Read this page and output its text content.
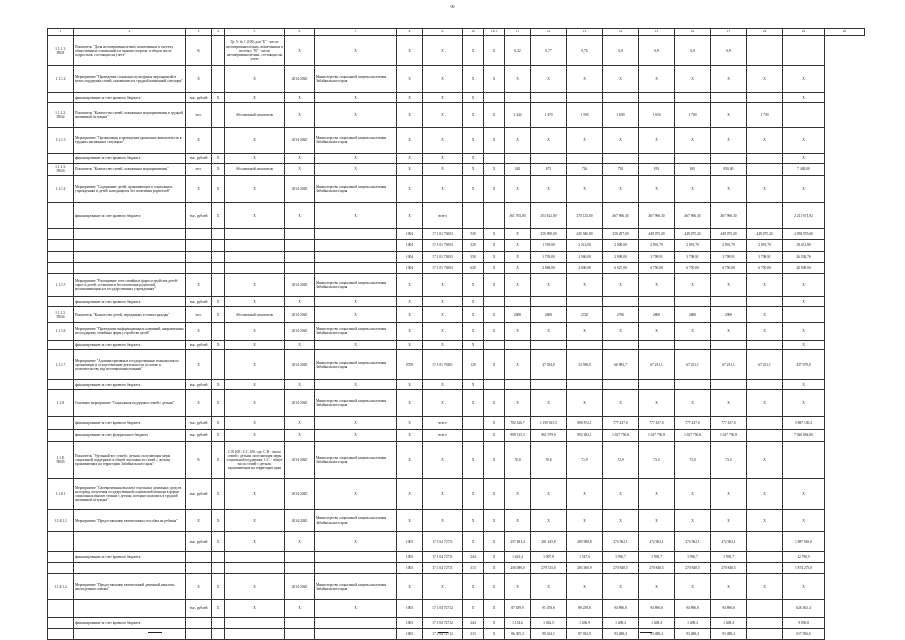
90
1	2	3	4	5	6	7	8	9	10	10.1	11	12	13	14	15	16	17	18	19	20
1.1.1.1.
П041	Показатель "Доля несовершеннолетних, вовлеченных в систему общественных отношений и в занятия спортом, в общем числе подростков, состоящих на учете"	%		Гр. 5: № 1 (100) для "Б" - число несовершеннолетних, вовлеченных в систему; "В" - число несовершеннолетних, состоящих на учете	Х	Х	Х	Х	Х	Х	6,32	0,77	0,76	0,8	0,8	0,8	0,8			
1.1.1.2	Мероприятие "Проведение социально-культурных мероприятий в целях поддержки семей, оказавшихся в трудной жизненной ситуации"	Х		Х	2014-2020	Министерство социальной защиты населения Забайкальского края	Х	Х	Х	Х	Х	Х	Х	Х	Х	Х	Х	Х	Х	
	финансирование за счет краевого бюджета	тыс. рублей	Х	Х	Х	Х	Х	Х	Х										Х	
1.1.1.2.
П042	Показатель "Количество семей, охваченных мероприятиями в трудной жизненной ситуации"	чел.		Абсолютный показатель	Х	Х	Х	Х	Х	Х	1 442	1 470	1 500	1 600	1 650	1 700	Х	1 750		
1.1.1.3	Мероприятие "Организация и проведение кризисных вмешательств в трудных жизненных ситуациях"	Х		Х	2014-2020	Министерство социальной защиты населения Забайкальского края	Х	Х	Х	Х	Х	Х	Х	Х	Х	Х	Х	Х	Х	
	финансирование за счет краевого бюджета	тыс. рублей	Х	Х	Х	Х	Х	Х	Х										Х	
1.1.1.3.
П043	Показатель "Количество семей, охваченных мероприятиями"	чел.	Х	Абсолютный показатель	Х	Х	Х	Х	Х	Х	420	673	726	792	819	845	850,00		7 448,00	
1.1.1.4	Мероприятие "Содержание детей, проживающих в социальных учреждениях и детей, находящихся без попечения родителей"	Х	Х	Х	2014-2020	Министерство социальной защиты населения Забайкальского края	Х	Х	Х	Х	Х	Х	Х	Х	Х	Х	Х	Х	Х	
	финансирование за счет краевого бюджета	тыс. рублей	Х	Х	Х	Х	Х	всего			361 703,00	353 612,00	370 125,00	467 966,30	467 966,30	467 966,30	467 966,30		2 211 671,92	
							1004	17 1 01 73003	530	Х	Х	250 090,00	245 940,00	258 297,00	449 075,20	449 075,20	449 075,20	449 075,20	2 058 955,00	
							1004	17 1 01 73003	320	Х	Х	1 559,00	2 212,00	2 000,00	2 891,79	2 891,79	2 891,79	2 891,79	18 451,80	
							1004	17 1 01 73003	350	Х	Х	1 793,00	2 560,00	2 908,00	3 798,91	3 798,91	3 798,91	3 798,91	26 338,76	
							1004	17 1 01 73003	630	Х	Х	2 868,00	4 600,00	6 027,00	6 750,00	6 750,00	6 750,00	6 750,00	40 598,00	
1.1.1.5	Мероприятие "Расширение сети семейных форм устройства детей-сирот и детей, оставшихся без попечения родителей, воспитывающихся в государственных учреждениях"	Х		Х	2014-2020	Министерство социальной защиты населения Забайкальского края	Х	Х	Х	Х	Х	Х	Х	Х	Х	Х	Х	Х	Х	
	финансирование за счет краевого бюджета	тыс. рублей	Х	Х	Х	Х	Х	Х	Х										Х	
1.1.1.5.
П044	Показатель "Количество детей, переданных в семьи граждан"	чел.	Х	Абсолютный показатель	2014-2020	Х	Х	Х	Х	Х	2600	2660	2720	2760	2800	2860	2900	Х		
1.1.1.6	Мероприятие "Проведение информационных кампаний, направленных на поддержку семейных форм устройства детей"	Х		Х	2014-2020	Министерство социальной защиты населения Забайкальского края	Х	Х	Х	Х	Х	Х	Х	Х	Х	Х	Х	Х	Х	
	финансирование за счет краевого бюджета	тыс. рублей	Х	Х	Х	Х	Х	Х	Х										Х	
1.1.1.7	Мероприятие "Административные государственные полномочия по организации и осуществлению деятельности по опеке и попечительству над несовершеннолетними"	Х		Х	2014-2020	Министерство социальной защиты населения Забайкальского края	0709	17 1 01 79201	120	Х	Х	47 034,0	54 598,0	66 983,7	67 231,1	67 231,1	67 231,1	67 231,1	437 970,0	
	финансирование за счет краевого бюджета	тыс. рублей	Х	Х	Х	Х	Х	Х	Х										Х	
1.1.8	Основное мероприятие "Социальная поддержка семей с детьми"	Х	Х	Х	2014-2020	Министерство социальной защиты населения Забайкальского края	Х	Х	Х	Х	Х	Х	Х	Х	Х	Х	Х	Х	Х	
	финансирование за счет краевого бюджета	тыс. рублей	Х	Х	Х	Х	Х	всего		Х	702 326,7	1 195 615,5	880 872,1	777 437,0	777 437,0	777 437,0	777 437,0		5 887 130,2	
	финансирование за счет федерального бюджета	тыс. рублей	Х	Х	Х	Х	Х	всего		Х	998 135,3	861 979,0	992 282,1	1 027 750,8	1 027 750,8	1 027 750,8	1 027 750,8		7 026 864,00	
1.1.8.
П045	Показатель "Удельный вес семей с детьми, получающих меры социальной поддержки, в общей численности семей с детьми, проживающих на территории Забайкальского края"	%	Х	С.В.100 / С.С.100, где: С.В - число семей с детьми, получающих меры социальной поддержки; С.С - общее число семей с детьми, проживающих на территории края	2014-2020	Министерство социальной защиты населения Забайкальского края	Х	Х	Х	Х	70,0	70,6	71,9	72,9	73,0	73,0	73,0	Х		
1.1.8.1	Мероприятие "Своевременная выплата отдельных денежных средств на период получения государственной социальной помощи в форме социальных выплат семьям с детьми, которые оказались в трудной жизненной ситуации"	тыс. рублей	Х	Х	2014-2020	Х	Х	Х	Х	Х	Х	Х	Х	Х	Х	Х	Х	Х	Х	
1.1.8.1.1	Мероприятие "Предоставление ежемесячного пособия на ребенка"	Х	Х	Х	2014-2020	Министерство социальной защиты населения Забайкальского края	Х	Х	Х	Х	Х	Х	Х	Х	Х	Х	Х	Х	Х	
		тыс. рублей	Х	Х	Х	Х	1003	17 1 04 72711	Х	Х	257 481,4	281 425,8	285 908,8	272 962,1	272 962,1	272 962,1	272 962,1		1 887 065,6	
	финансирование за счет краевого бюджета						1003	17 1 04 72711	244	Х	1 623,4	1 907,8	1 547,9	1 950,7	1 950,7	1 950,7	1 950,7		12 790,5	
							1003	17 1 04 72711	313	Х	256 088,0	279 515,0	283 360,9	270 848,5	270 848,5	270 848,5	270 848,5		1 874 275,0	
1.1.8.1.2	Мероприятие "Предоставление ежемесячной денежной выплаты многодетным семьям"	Х	Х	Х	2014-2020	Министерство социальной защиты населения Забайкальского края	Х	Х	Х	Х	Х	Х	Х	Х	Х	Х	Х	Х	Х	
		тыс. рублей	Х	Х	Х	Х	1003	17 1 04 72712	Х	Х	87 459,9	91 476,6	88 239,8	94 896,8	94 896,8	94 896,8	94 896,8		626 563,4	
	финансирование за счет краевого бюджета						1003	17 1 04 72712	244	Х	1 154,6	1 062,5	1 206,9	1 408,4	1 408,4	1 408,4	1 408,4		9 056,8	
							1003	17 1 04 72712	313	Х	86 305,3	90 414,1	87 032,9	93 488,4	93 488,4	93 488,4	93 488,4		617 506,6	
